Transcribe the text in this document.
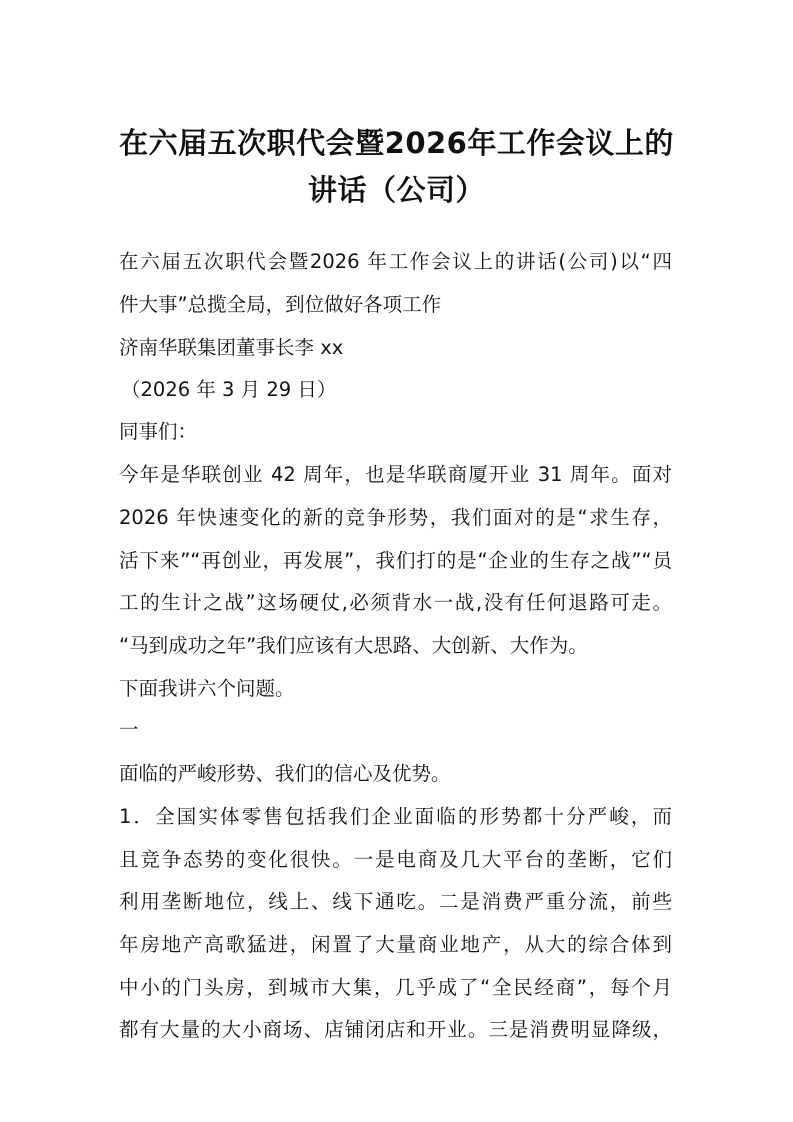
在六届五次职代会暨2026年工作会议上的
讲话（公司）
在六届五次职代会暨2026 年工作会议上的讲话(公司)以“四
件大事”总揽全局，到位做好各项工作
济南华联集团董事长李 xx
（2026 年 3 月 29 日）
同事们：
今年是华联创业 42 周年，也是华联商厦开业 31 周年。面对
2026 年快速变化的新的竞争形势，我们面对的是“求生存，
活下来”“再创业，再发展”，我们打的是“企业的生存之战”“员
工的生计之战”这场硬仗,必须背水一战,没有任何退路可走。
“马到成功之年”我们应该有大思路、大创新、大作为。
下面我讲六个问题。
一
面临的严峻形势、我们的信心及优势。
1．全国实体零售包括我们企业面临的形势都十分严峻，而
且竞争态势的变化很快。一是电商及几大平台的垄断，它们
利用垄断地位，线上、线下通吃。二是消费严重分流，前些
年房地产高歌猛进，闲置了大量商业地产，从大的综合体到
中小的门头房，到城市大集，几乎成了“全民经商”，每个月
都有大量的大小商场、店铺闭店和开业。三是消费明显降级，
